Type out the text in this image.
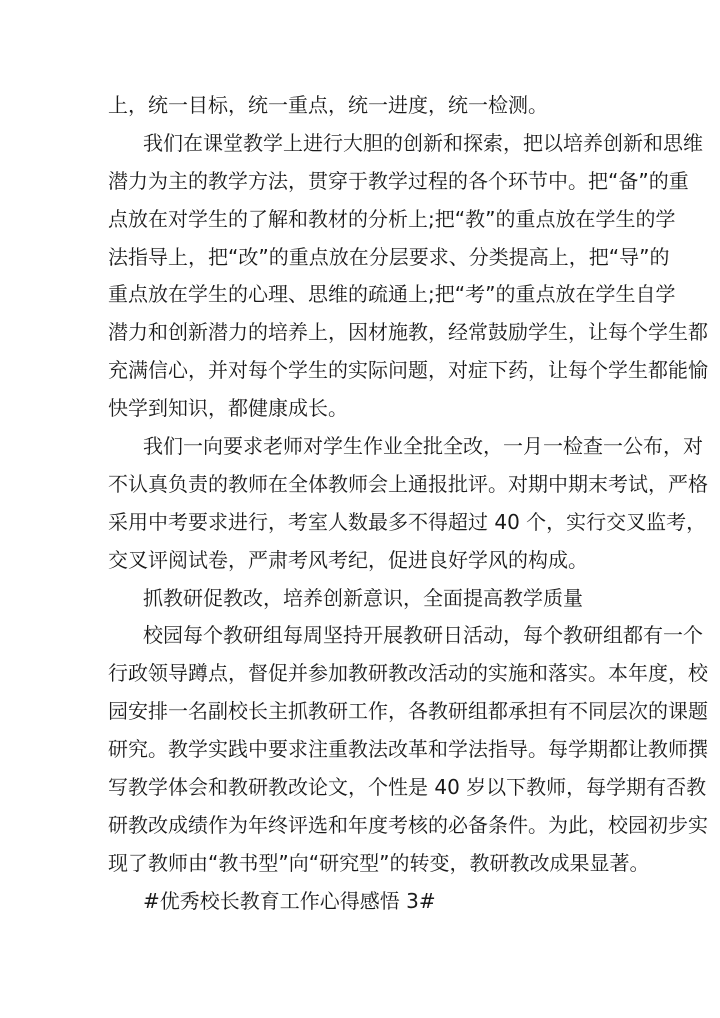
上，统一目标，统一重点，统一进度，统一检测。
我们在课堂教学上进行大胆的创新和探索，把以培养创新和思维
潜力为主的教学方法，贯穿于教学过程的各个环节中。把“备”的重
点放在对学生的了解和教材的分析上;把“教”的重点放在学生的学
法指导上，把“改”的重点放在分层要求、分类提高上，把“导”的
重点放在学生的心理、思维的疏通上;把“考”的重点放在学生自学
潜力和创新潜力的培养上，因材施教，经常鼓励学生，让每个学生都
充满信心，并对每个学生的实际问题，对症下药，让每个学生都能愉
快学到知识，都健康成长。
我们一向要求老师对学生作业全批全改，一月一检查一公布，对
不认真负责的教师在全体教师会上通报批评。对期中期末考试，严格
采用中考要求进行，考室人数最多不得超过 40 个，实行交叉监考，
交叉评阅试卷，严肃考风考纪，促进良好学风的构成。
抓教研促教改，培养创新意识，全面提高教学质量
校园每个教研组每周坚持开展教研日活动，每个教研组都有一个
行政领导蹲点，督促并参加教研教改活动的实施和落实。本年度，校
园安排一名副校长主抓教研工作，各教研组都承担有不同层次的课题
研究。教学实践中要求注重教法改革和学法指导。每学期都让教师撰
写教学体会和教研教改论文，个性是 40 岁以下教师，每学期有否教
研教改成绩作为年终评选和年度考核的必备条件。为此，校园初步实
现了教师由“教书型”向“研究型”的转变，教研教改成果显著。
#优秀校长教育工作心得感悟 3#
